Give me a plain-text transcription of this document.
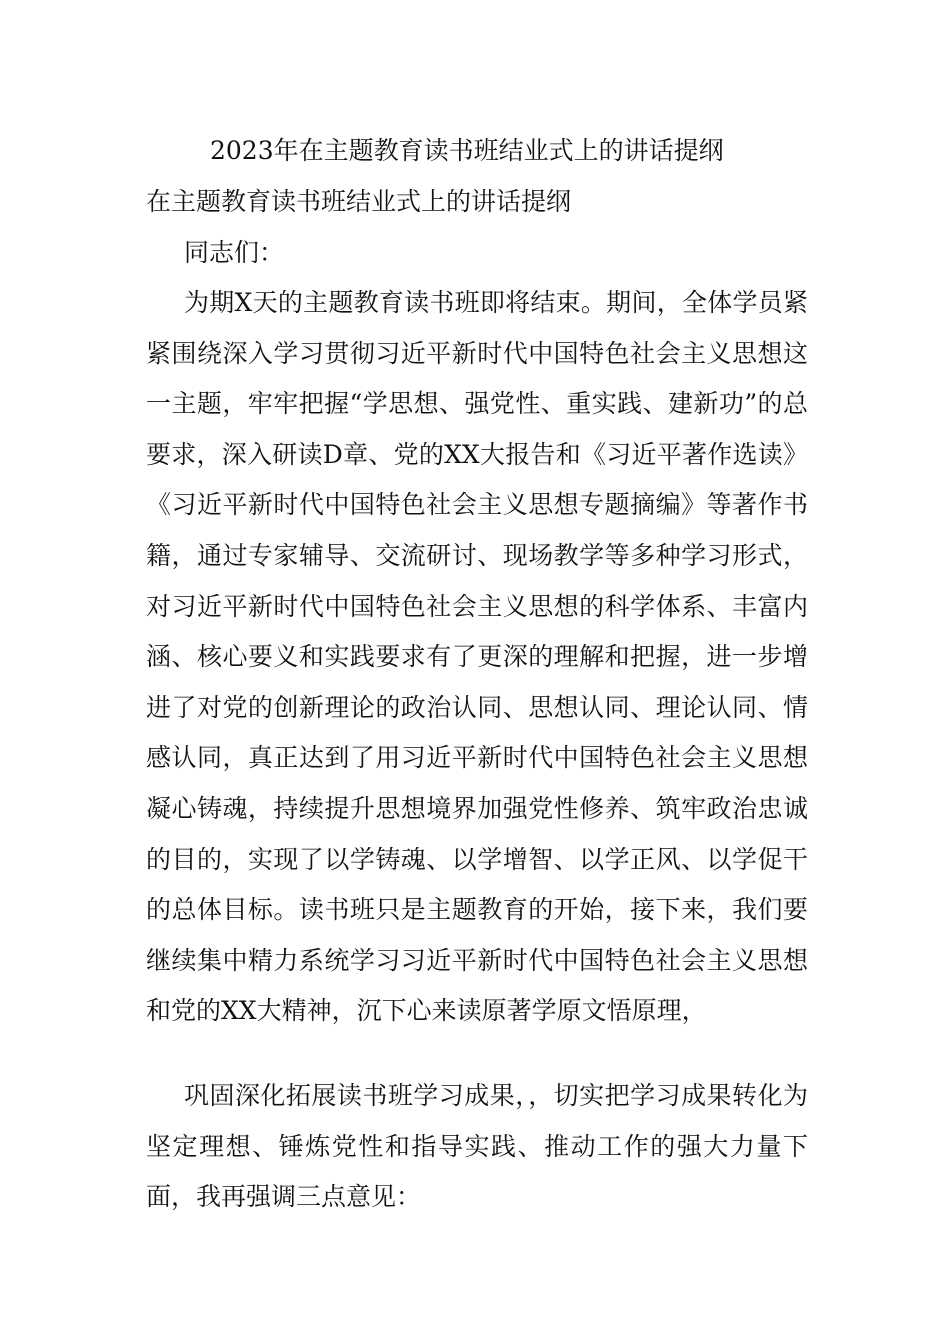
2023年在主题教育读书班结业式上的讲话提纲
在主题教育读书班结业式上的讲话提纲

同志们：

为期X天的主题教育读书班即将结束。期间，全体学员紧紧围绕深入学习贯彻习近平新时代中国特色社会主义思想这一主题，牢牢把握“学思想、强党性、重实践、建新功”的总要求，深入研读D章、党的XX大报告和《习近平著作选读》《习近平新时代中国特色社会主义思想专题摘编》等著作书籍，通过专家辅导、交流研讨、现场教学等多种学习形式，对习近平新时代中国特色社会主义思想的科学体系、丰富内涵、核心要义和实践要求有了更深的理解和把握，进一步增进了对党的创新理论的政治认同、思想认同、理论认同、情感认同，真正达到了用习近平新时代中国特色社会主义思想凝心铸魂，持续提升思想境界加强党性修养、筑牢政治忠诚的目的，实现了以学铸魂、以学增智、以学正风、以学促干的总体目标。读书班只是主题教育的开始，接下来，我们要继续集中精力系统学习习近平新时代中国特色社会主义思想和党的XX大精神，沉下心来读原著学原文悟原理，

巩固深化拓展读书班学习成果，，切实把学习成果转化为坚定理想、锤炼党性和指导实践、推动工作的强大力量下面，我再强调三点意见：
